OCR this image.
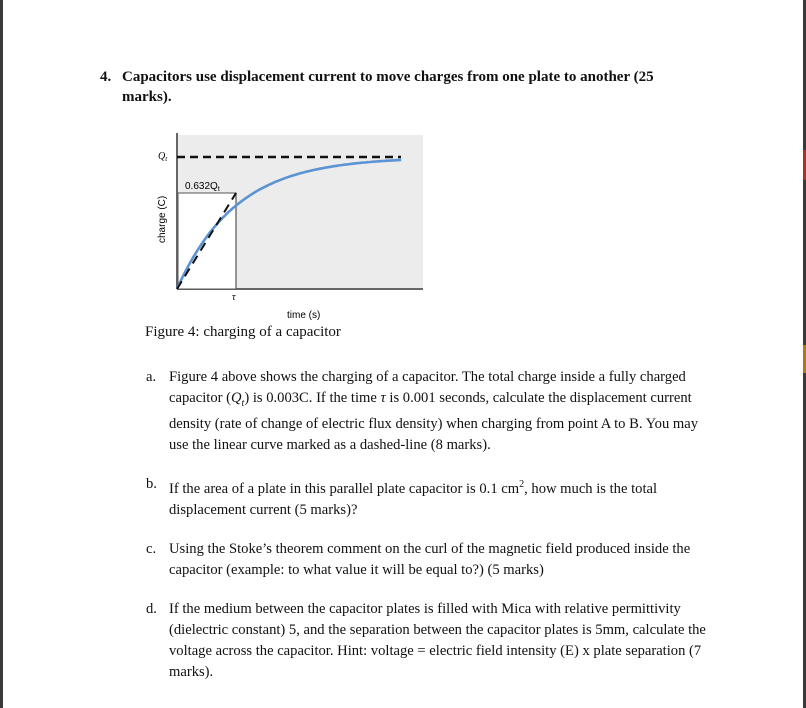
4. Capacitors use displacement current to move charges from one plate to another (25 marks).
$Q_t$
$0.632Q_t$
τ
charge (C)
time (s)
Figure 4: charging of a capacitor
a. Figure 4 above shows the charging of a capacitor. The total charge inside a fully charged capacitor $(Q_t)$ is 0.003C. If the time τ is 0.001 seconds, calculate the displacement current density (rate of change of electric flux density) when charging from point A to B. You may use the linear curve marked as a dashed-line (8 marks).
b. If the area of a plate in this parallel plate capacitor is 0.1 $cm^2$, how much is the total displacement current (5 marks)?
c. Using the Stoke’s theorem comment on the curl of the magnetic field produced inside the capacitor (example: to what value it will be equal to?) (5 marks)
d. If the medium between the capacitor plates is filled with Mica with relative permittivity (dielectric constant) 5, and the separation between the capacitor plates is 5mm, calculate the voltage across the capacitor. Hint: voltage = electric field intensity (E) x plate separation (7 marks).
